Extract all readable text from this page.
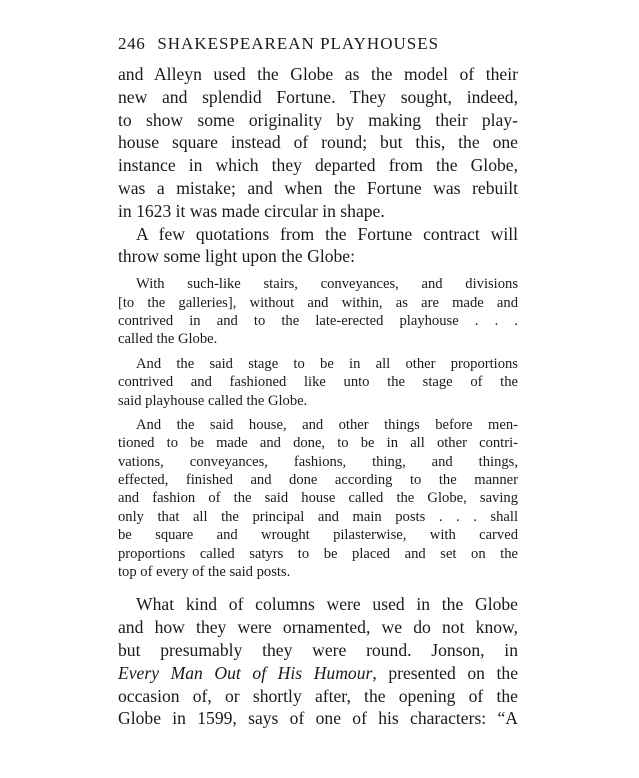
246 SHAKESPEAREAN PLAYHOUSES
and Alleyn used the Globe as the model of their
new and splendid Fortune. They sought, indeed,
to show some originality by making their play-
house square instead of round; but this, the one
instance in which they departed from the Globe,
was a mistake; and when the Fortune was rebuilt
in 1623 it was made circular in shape.
A few quotations from the Fortune contract will
throw some light upon the Globe:
With such-like stairs, conveyances, and divisions
[to the galleries], without and within, as are made and
contrived in and to the late-erected playhouse . . .
called the Globe.
And the said stage to be in all other proportions
contrived and fashioned like unto the stage of the
said playhouse called the Globe.
And the said house, and other things before men-
tioned to be made and done, to be in all other contri-
vations, conveyances, fashions, thing, and things,
effected, finished and done according to the manner
and fashion of the said house called the Globe, saving
only that all the principal and main posts . . . shall
be square and wrought pilasterwise, with carved
proportions called satyrs to be placed and set on the
top of every of the said posts.
What kind of columns were used in the Globe
and how they were ornamented, we do not know,
but presumably they were round. Jonson, in
Every Man Out of His Humour, presented on the
occasion of, or shortly after, the opening of the
Globe in 1599, says of one of his characters: “A
